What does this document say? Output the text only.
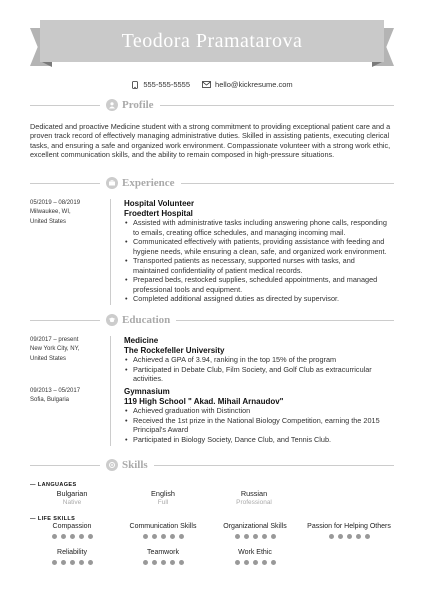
Teodora Pramatarova
555-555-5555	hello@kickresume.com
Profile
Dedicated and proactive Medicine student with a strong commitment to providing exceptional patient care and a proven track record of effectively managing administrative duties. Skilled in assisting patients, executing clerical tasks, and ensuring a safe and organized work environment. Compassionate volunteer with a strong work ethic, excellent communication skills, and the ability to remain composed in high-pressure situations.
Experience
05/2019 – 08/2019
Milwaukee, WI,
United States
Hospital Volunteer
Froedtert Hospital
• Assisted with administrative tasks including answering phone calls, responding to emails, creating office schedules, and managing incoming mail.
• Communicated effectively with patients, providing assistance with feeding and hygiene needs, while ensuring a clean, safe, and organized work environment.
• Transported patients as necessary, supported nurses with tasks, and maintained confidentiality of patient medical records.
• Prepared beds, restocked supplies, scheduled appointments, and managed professional tools and equipment.
• Completed additional assigned duties as directed by supervisor.
Education
09/2017 – present
New York City, NY,
United States
Medicine
The Rockefeller University
• Achieved a GPA of 3.94, ranking in the top 15% of the program
• Participated in Debate Club, Film Society, and Golf Club as extracurricular activities.
09/2013 – 05/2017
Sofia, Bulgaria
Gymnasium
119 High School " Akad. Mihail Arnaudov"
• Achieved graduation with Distinction
• Received the 1st prize in the National Biology Competition, earning the 2015 Principal's Award
• Participated in Biology Society, Dance Club, and Tennis Club.
Skills
— LANGUAGES
Bulgarian
Native
English
Full
Russian
Professional
— LIFE SKILLS
Compassion	Communication Skills	Organizational Skills	Passion for Helping Others
Reliability	Teamwork	Work Ethic
